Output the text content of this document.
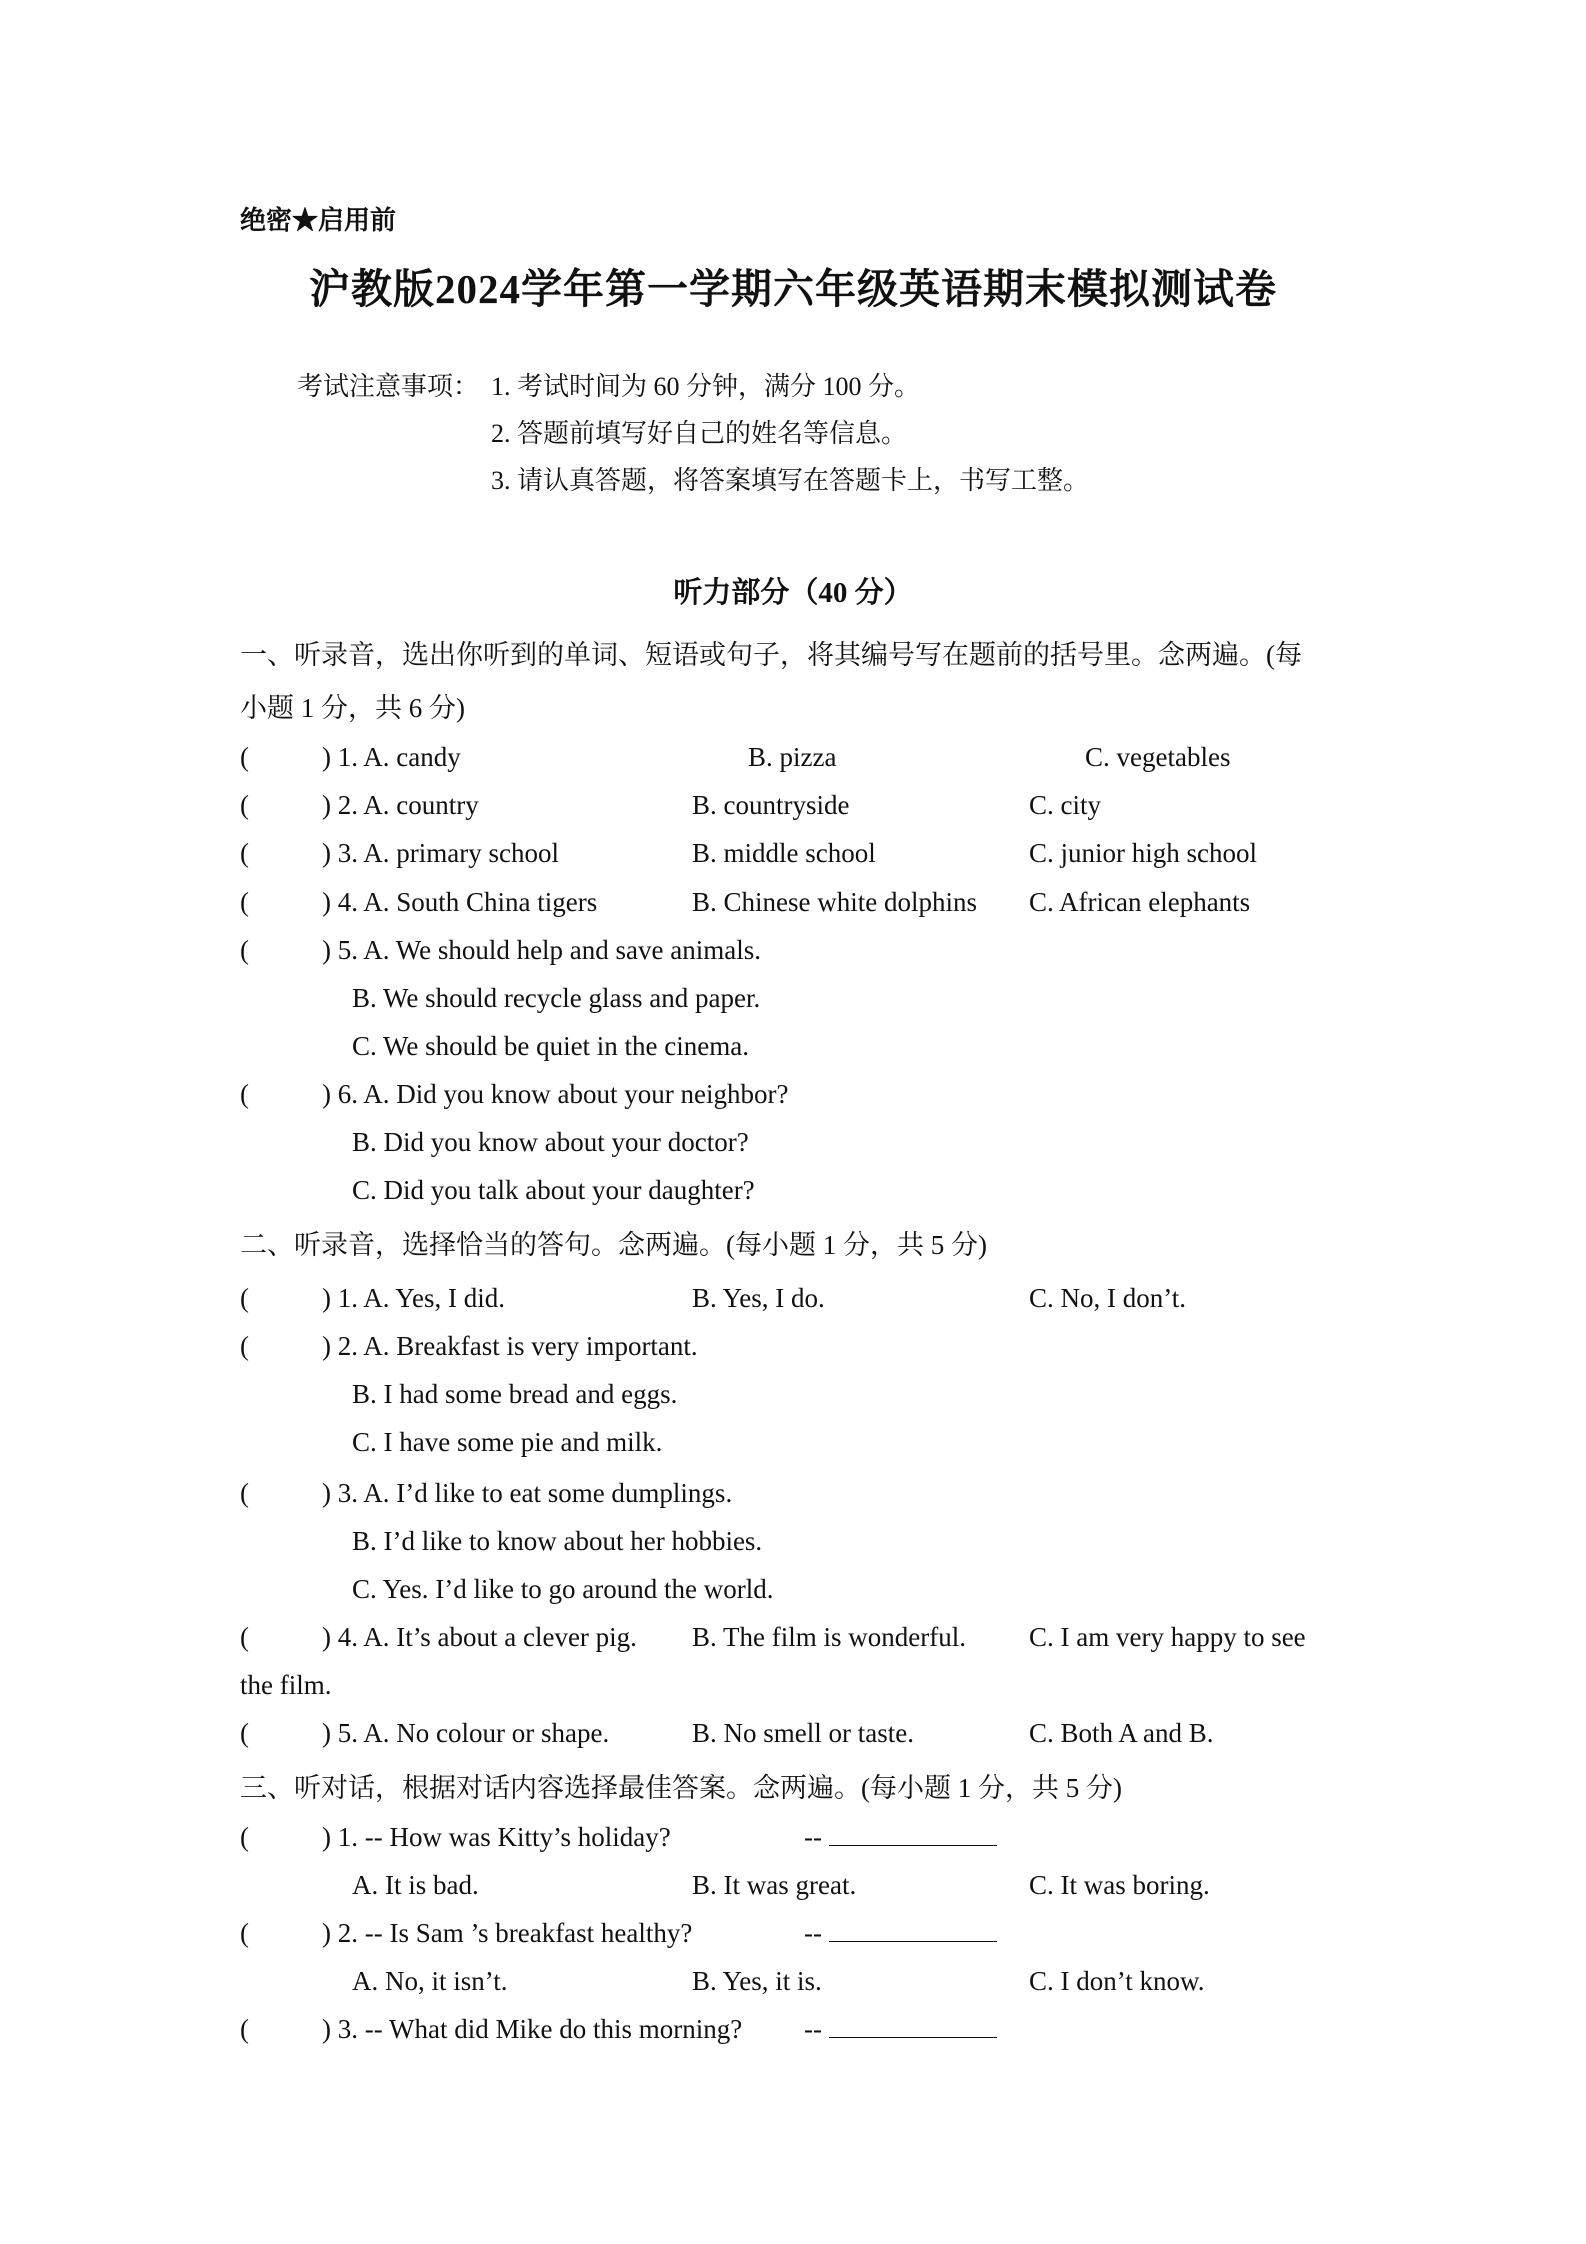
绝密★启用前
沪教版2024学年第一学期六年级英语期末模拟测试卷
考试注意事项： 1. 考试时间为 60 分钟，满分 100 分。
2. 答题前填写好自己的姓名等信息。
3. 请认真答题，将答案填写在答题卡上，书写工整。
听力部分（40 分）
一、听录音，选出你听到的单词、短语或句子，将其编号写在题前的括号里。念两遍。(每
小题 1 分，共 6 分)
(	) 1. A. candy	B. pizza	C. vegetables
(	) 2. A. country	B. countryside	C. city
(	) 3. A. primary school	B. middle school	C. junior high school
(	) 4. A. South China tigers	B. Chinese white dolphins C. African elephants
(	) 5. A. We should help and save animals.
B. We should recycle glass and paper.
C. We should be quiet in the cinema.
(	) 6. A. Did you know about your neighbor?
B. Did you know about your doctor?
C. Did you talk about your daughter?
二、听录音，选择恰当的答句。念两遍。(每小题 1 分，共 5 分)
(	) 1. A. Yes, I did.	B. Yes, I do.	C. No, I don’t.
(	) 2. A. Breakfast is very important.
B. I had some bread and eggs.
C. I have some pie and milk.
(	) 3. A. I’d like to eat some dumplings.
B. I’d like to know about her hobbies.
C. Yes. I’d like to go around the world.
(	) 4. A. It’s about a clever pig. B. The film is wonderful. C. I am very happy to see
the film.
(	) 5. A. No colour or shape.	B. No smell or taste.	C. Both A and B.
三、听对话，根据对话内容选择最佳答案。念两遍。(每小题 1 分，共 5 分)
(	) 1. -- How was Kitty’s holiday?	--
A. It is bad.	B. It was great.	C. It was boring.
(	) 2. -- Is Sam ’s breakfast healthy?	--
A. No, it isn’t.	B. Yes, it is.	C. I don’t know.
(	) 3. -- What did Mike do this morning? --
